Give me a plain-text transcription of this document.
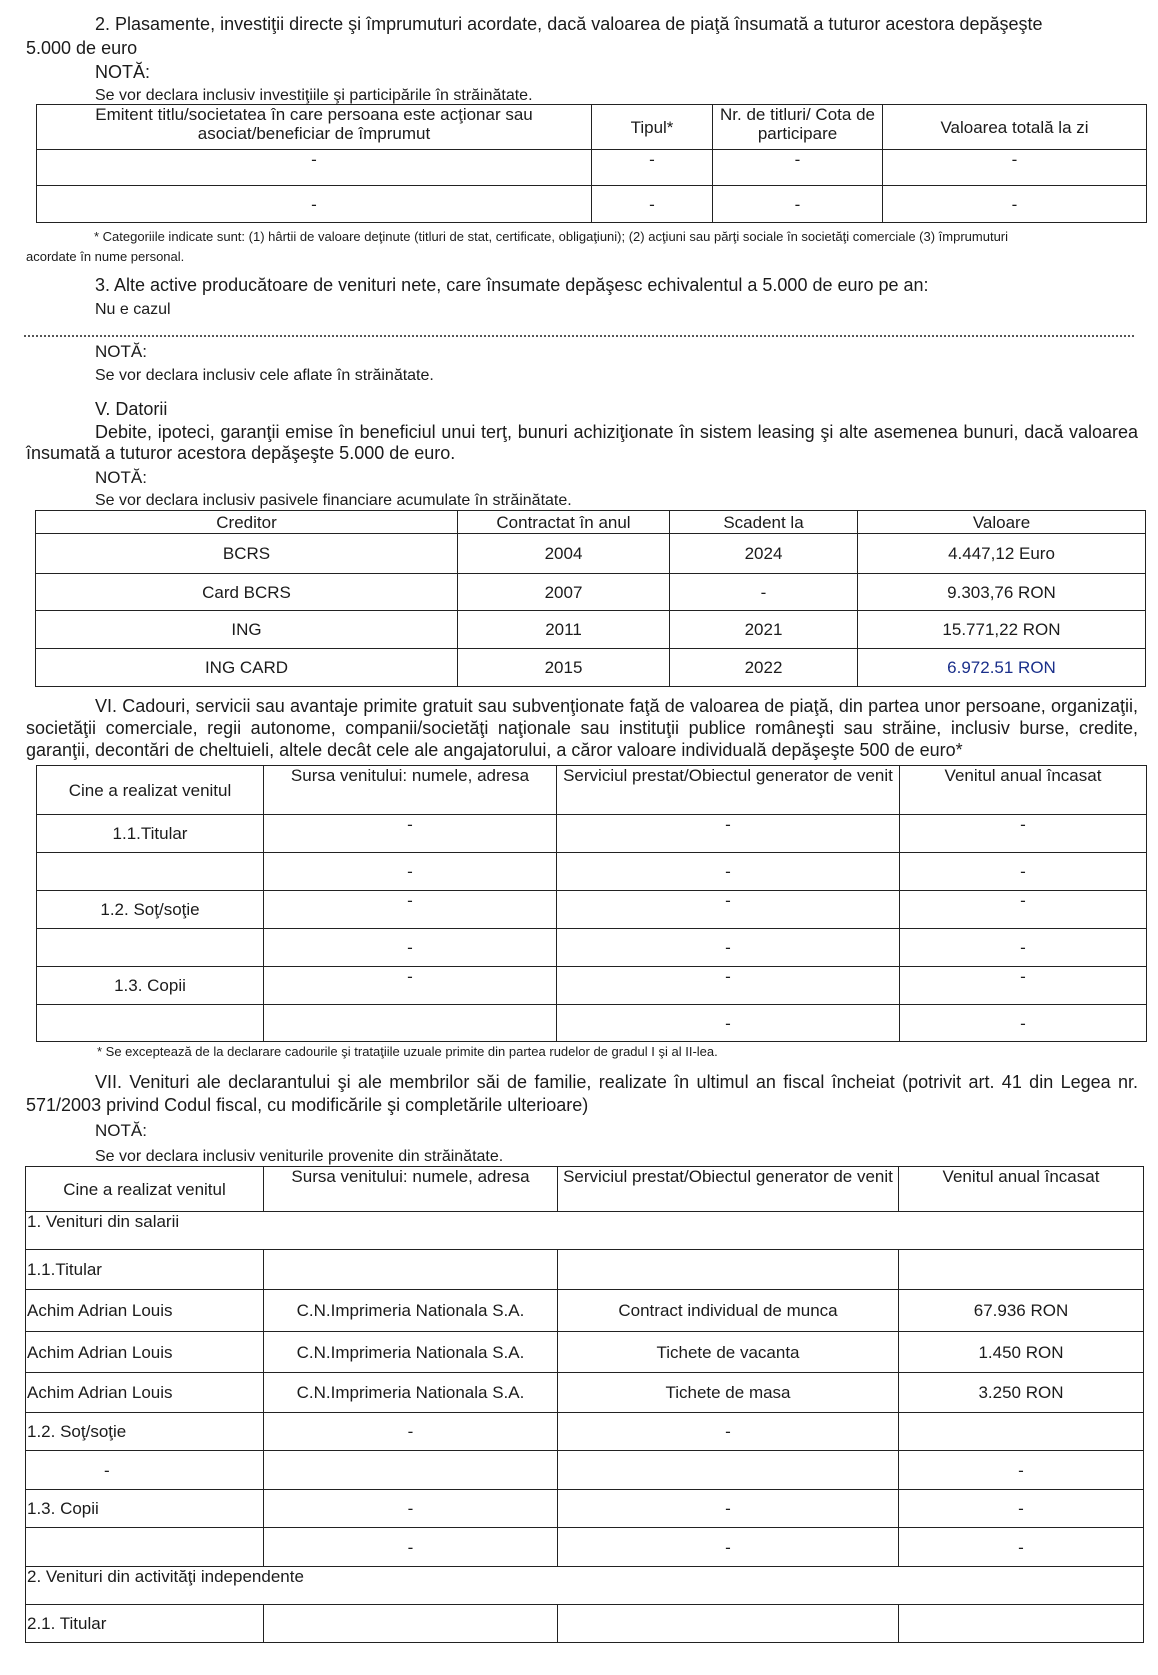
2. Plasamente, investiţii directe şi împrumuturi acordate, dacă valoarea de piaţă însumată a tuturor acestora depăşeşte
5.000 de euro
NOTĂ:
Se vor declara inclusiv investiţiile şi participările în străinătate.
Emitent titlu/societatea în care persoana este acţionar sau asociat/beneficiar de împrumut	Tipul*	Nr. de titluri/ Cota de participare	Valoarea totală la zi
-	-	-	-
-	-	-	-
* Categoriile indicate sunt: (1) hârtii de valoare deţinute (titluri de stat, certificate, obligaţiuni); (2) acţiuni sau părţi sociale în societăţi comerciale (3) împrumuturi
acordate în nume personal.
3. Alte active producătoare de venituri nete, care însumate depăşesc echivalentul a 5.000 de euro pe an:
Nu e cazul
NOTĂ:
Se vor declara inclusiv cele aflate în străinătate.
V. Datorii
Debite, ipoteci, garanţii emise în beneficiul unui terţ, bunuri achiziţionate în sistem leasing şi alte asemenea bunuri, dacă valoarea însumată a tuturor acestora depăşeşte 5.000 de euro.
NOTĂ:
Se vor declara inclusiv pasivele financiare acumulate în străinătate.
Creditor	Contractat în anul	Scadent la	Valoare
BCRS	2004	2024	4.447,12 Euro
Card BCRS	2007	-	9.303,76 RON
ING	2011	2021	15.771,22 RON
ING CARD	2015	2022	6.972.51 RON
VI. Cadouri, servicii sau avantaje primite gratuit sau subvenţionate faţă de valoarea de piaţă, din partea unor persoane, organizaţii, societăţii comerciale, regii autonome, companii/societăţi naţionale sau instituţii publice româneşti sau străine, inclusiv burse, credite, garanţii, decontări de cheltuieli, altele decât cele ale angajatorului, a căror valoare individuală depăşeşte 500 de euro*
Cine a realizat venitul	Sursa venitului: numele, adresa	Serviciul prestat/Obiectul generator de venit	Venitul anual încasat
1.1.Titular	-	-	-
	-	-	-
1.2. Soţ/soţie	-	-	-
	-	-	-
1.3. Copii	-	-	-
		-	-
* Se exceptează de la declarare cadourile şi trataţiile uzuale primite din partea rudelor de gradul I şi al II-lea.
VII. Venituri ale declarantului şi ale membrilor săi de familie, realizate în ultimul an fiscal încheiat (potrivit art. 41 din Legea nr. 571/2003 privind Codul fiscal, cu modificările şi completările ulterioare)
NOTĂ:
Se vor declara inclusiv veniturile provenite din străinătate.
Cine a realizat venitul	Sursa venitului: numele, adresa	Serviciul prestat/Obiectul generator de venit	Venitul anual încasat
1. Venituri din salarii			
1.1.Titular			
Achim Adrian Louis	C.N.Imprimeria Nationala S.A.	Contract individual de munca	67.936 RON
Achim Adrian Louis	C.N.Imprimeria Nationala S.A.	Tichete de vacanta	1.450 RON
Achim Adrian Louis	C.N.Imprimeria Nationala S.A.	Tichete de masa	3.250 RON
1.2. Soţ/soţie	-	-	
-			-
1.3. Copii	-	-	-
	-	-	-
2. Venituri din activităţi independente			
2.1. Titular			
